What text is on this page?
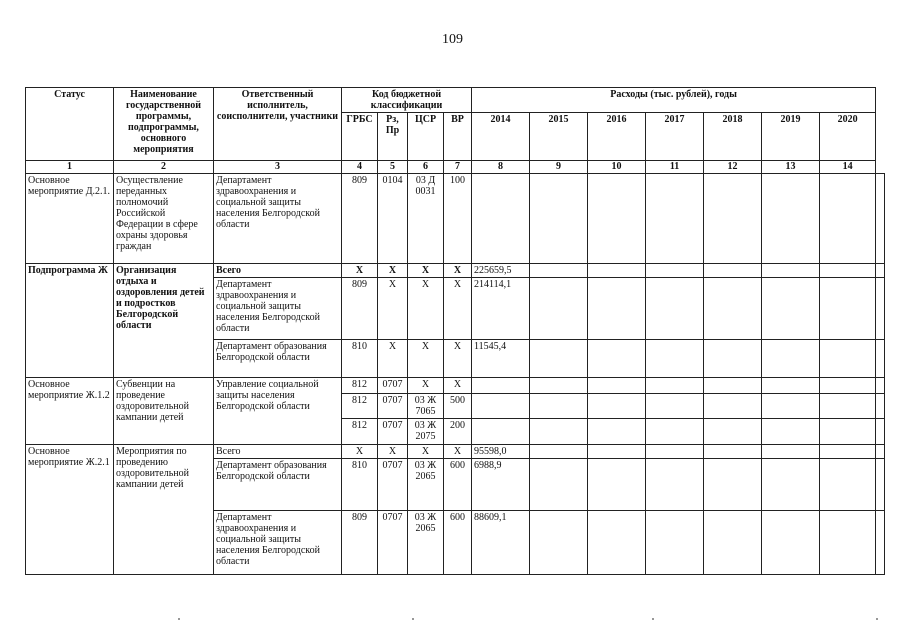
109
Статус	Наименование государственной программы, подпрограммы, основного мероприятия	Ответственный исполнитель, соисполнители, участники	Код бюджетной классификации				Расходы (тыс. рублей), годы							
			ГРБС	Рз, Пр	ЦСР	ВР	2014	2015	2016	2017	2018	2019	2020	
1	2	3	4	5	6	7	8	9	10	11	12	13	14	
Основное мероприятие Д.2.1.	Осуществление переданных полномочий Российской Федерации в сфере охраны здоровья граждан	Департамент здравоохранения и социальной защиты населения Белгородской области	809	0104	03 Д 0031	100								
Подпрограмма Ж	Организация отдыха и оздоровления детей и подростков Белгородской области	Всего	Х	Х	Х	Х	225659,5							
		Департамент здравоохранения и социальной защиты населения Белгородской области	809	Х	Х	Х	214114,1							
		Департамент образования Белгородской области	810	Х	Х	Х	11545,4							
Основное мероприятие Ж.1.2	Субвенции на проведение оздоровительной кампании детей	Управление социальной защиты населения Белгородской области	812	0707	Х	Х								
			812	0707	03 Ж 7065	500								
			812	0707	03 Ж 2075	200								
Основное мероприятие Ж.2.1	Мероприятия по проведению оздоровительной кампании детей	Всего	Х	Х	Х	Х	95598,0							
		Департамент образования Белгородской области	810	0707	03 Ж 2065	600	6988,9							
		Департамент здравоохранения и социальной защиты населения Белгородской области	809	0707	03 Ж 2065	600	88609,1							
